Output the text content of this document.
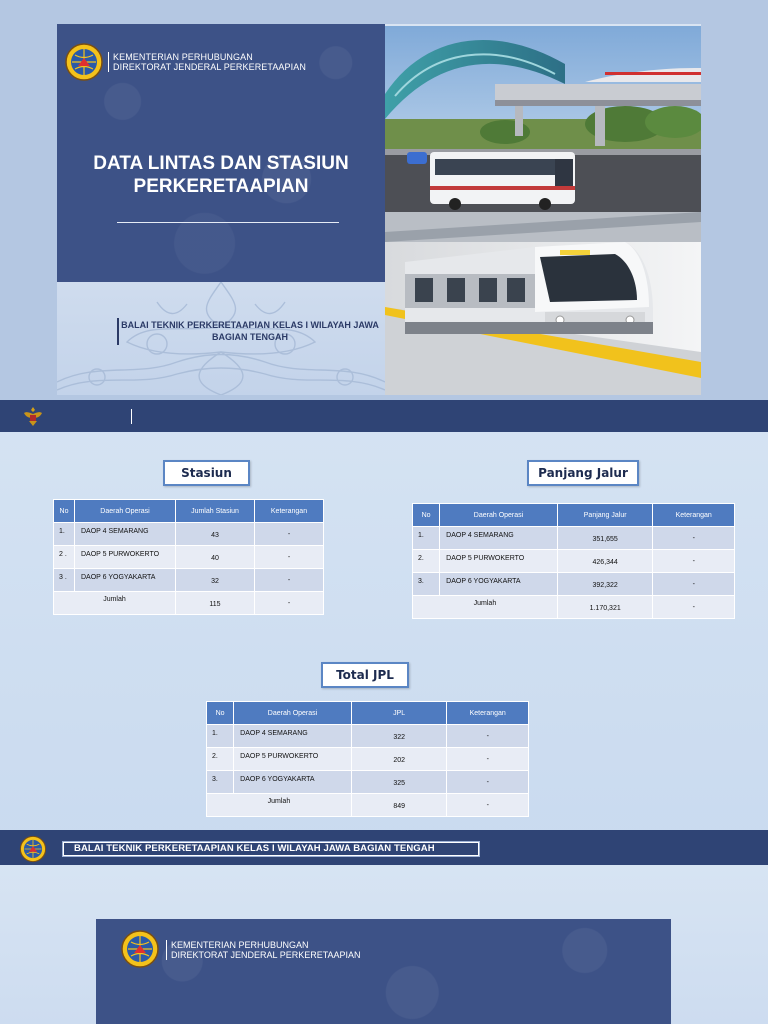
KEMENTERIAN PERHUBUNGAN
DIREKTORAT JENDERAL PERKERETAAPIAN
DATA LINTAS DAN STASIUN
PERKERETAAPIAN
BALAI TEKNIK PERKERETAAPIAN KELAS I WILAYAH JAWA
BAGIAN TENGAH
Stasiun
No	Daerah Operasi	Jumlah Stasiun	Keterangan
1.	DAOP 4 SEMARANG	43	-
2 .	DAOP 5 PURWOKERTO	40	-
3 .	DAOP 6 YOGYAKARTA	32	-
Jumlah		115	-
Panjang Jalur
No	Daerah Operasi	Panjang Jalur	Keterangan
1.	DAOP 4 SEMARANG	351,655	-
2.	DAOP 5 PURWOKERTO	426,344	-
3.	DAOP 6 YOGYAKARTA	392,322	-
Jumlah		1.170,321	-
Total JPL
No	Daerah Operasi	JPL	Keterangan
1.	DAOP 4 SEMARANG	322	-
2.	DAOP 5 PURWOKERTO	202	-
3.	DAOP 6 YOGYAKARTA	325	-
Jumlah		849	-
BALAI TEKNIK PERKERETAAPIAN KELAS I WILAYAH JAWA BAGIAN TENGAH
KEMENTERIAN PERHUBUNGAN
DIREKTORAT JENDERAL PERKERETAAPIAN
